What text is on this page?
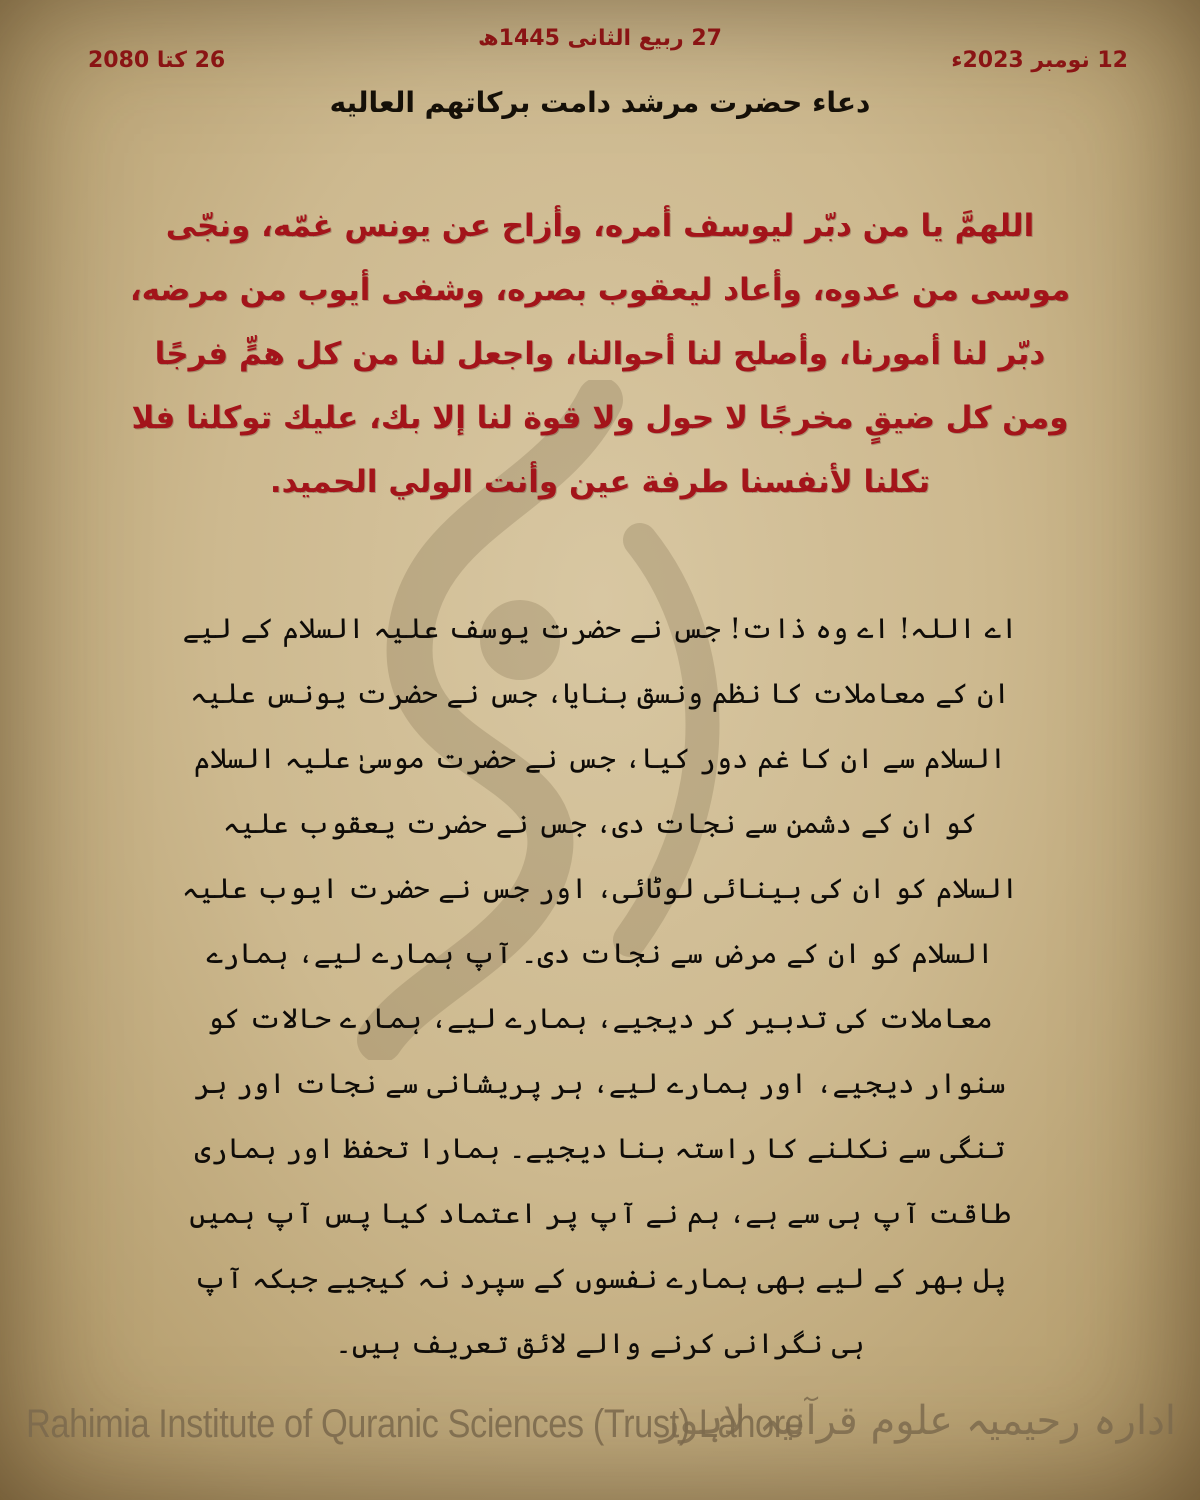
27 ربیع الثانی 1445ھ
12 نومبر 2023ء
26 کتا 2080
دعاء حضرت مرشد دامت برکاتهم العالیه
اللهمَّ يا من دبّر ليوسف أمره، وأزاح عن يونس غمّه، ونجّى موسى من عدوه، وأعاد ليعقوب بصره، وشفى أيوب من مرضه، دبّر لنا أمورنا، وأصلح لنا أحوالنا، واجعل لنا من كل همٍّ فرجًا ومن كل ضيقٍ مخرجًا لا حول ولا قوة لنا إلا بك، عليك توكلنا فلا تكلنا لأنفسنا طرفة عين وأنت الولي الحميد.
اے اللہ! اے وہ ذات! جس نے حضرت یوسف علیہ السلام کے لیے ان کے معاملات کا نظم ونسق بنایا، جس نے حضرت یونس علیہ السلام سے ان کا غم دور کیا، جس نے حضرت موسیٰ علیہ السلام کو ان کے دشمن سے نجات دی، جس نے حضرت یعقوب علیہ السلام کو ان کی بینائی لوٹائی، اور جس نے حضرت ایوب علیہ السلام کو ان کے مرض سے نجات دی۔ آپ ہمارے لیے، ہمارے معاملات کی تدبیر کر دیجیے، ہمارے لیے، ہمارے حالات کو سنوار دیجیے، اور ہمارے لیے، ہر پریشانی سے نجات اور ہر تنگی سے نکلنے کا راستہ بنا دیجیے۔ ہمارا تحفظ اور ہماری طاقت آپ ہی سے ہے، ہم نے آپ پر اعتماد کیا پس آپ ہمیں پل بھر کے لیے بھی ہمارے نفسوں کے سپرد نہ کیجیے جبکہ آپ ہی نگرانی کرنے والے لائق تعریف ہیں۔
Rahimia Institute of Quranic Sciences (Trust) Lahore
ادارہ رحیمیہ علوم قرآنیہ لاہور
